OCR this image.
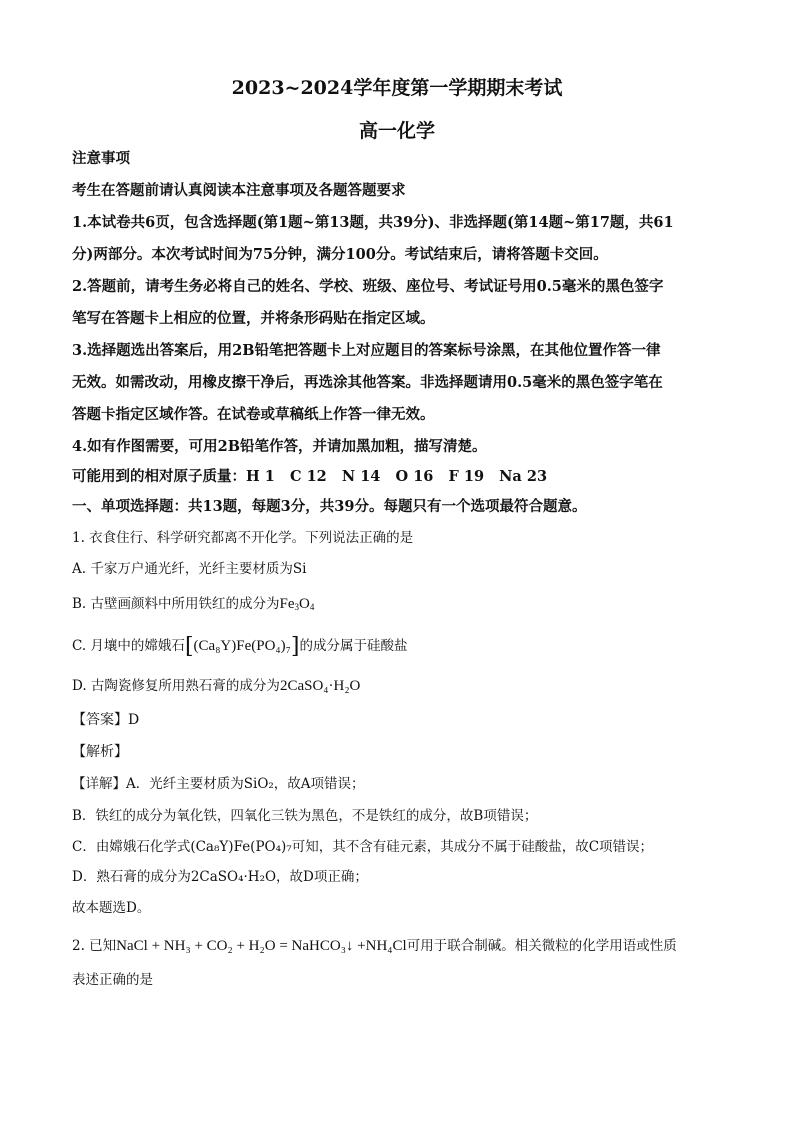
2023~2024学年度第一学期期末考试
高一化学
注意事项
考生在答题前请认真阅读本注意事项及各题答题要求
1.本试卷共6页，包含选择题(第1题~第13题，共39分)、非选择题(第14题~第17题，共61
分)两部分。本次考试时间为75分钟，满分100分。考试结束后，请将答题卡交回。
2.答题前，请考生务必将自己的姓名、学校、班级、座位号、考试证号用0.5毫米的黑色签字
笔写在答题卡上相应的位置，并将条形码贴在指定区域。
3.选择题选出答案后，用2B铅笔把答题卡上对应题目的答案标号涂黑，在其他位置作答一律
无效。如需改动，用橡皮擦干净后，再选涂其他答案。非选择题请用0.5毫米的黑色签字笔在
答题卡指定区域作答。在试卷或草稿纸上作答一律无效。
4.如有作图需要，可用2B铅笔作答，并请加黑加粗，描写清楚。
可能用到的相对原子质量：H 1   C 12   N 14   O 16   F 19   Na 23
一、单项选择题：共13题，每题3分，共39分。每题只有一个选项最符合题意。
1. 衣食住行、科学研究都离不开化学。下列说法正确的是
A. 千家万户通光纤，光纤主要材质为Si
B. 古壁画颜料中所用铁红的成分为$Fe_3O_4$
C. 月壤中的嫦娥石[(Ca₈Y)Fe(PO₄)₇]的成分属于硅酸盐
D. 古陶瓷修复所用熟石膏的成分为2CaSO₄·H₂O
【答案】D
【解析】
【详解】A．光纤主要材质为SiO₂，故A项错误；
B．铁红的成分为氧化铁，四氧化三铁为黑色，不是铁红的成分，故B项错误；
C．由嫦娥石化学式(Ca₈Y)Fe(PO₄)₇可知，其不含有硅元素，其成分不属于硅酸盐，故C项错误；
D．熟石膏的成分为2CaSO₄·H₂O，故D项正确；
故本题选D。
2. 已知NaCl + NH₃ + CO₂ + H₂O = NaHCO₃↓ +NH₄Cl可用于联合制碱。相关微粒的化学用语或性质
表述正确的是
